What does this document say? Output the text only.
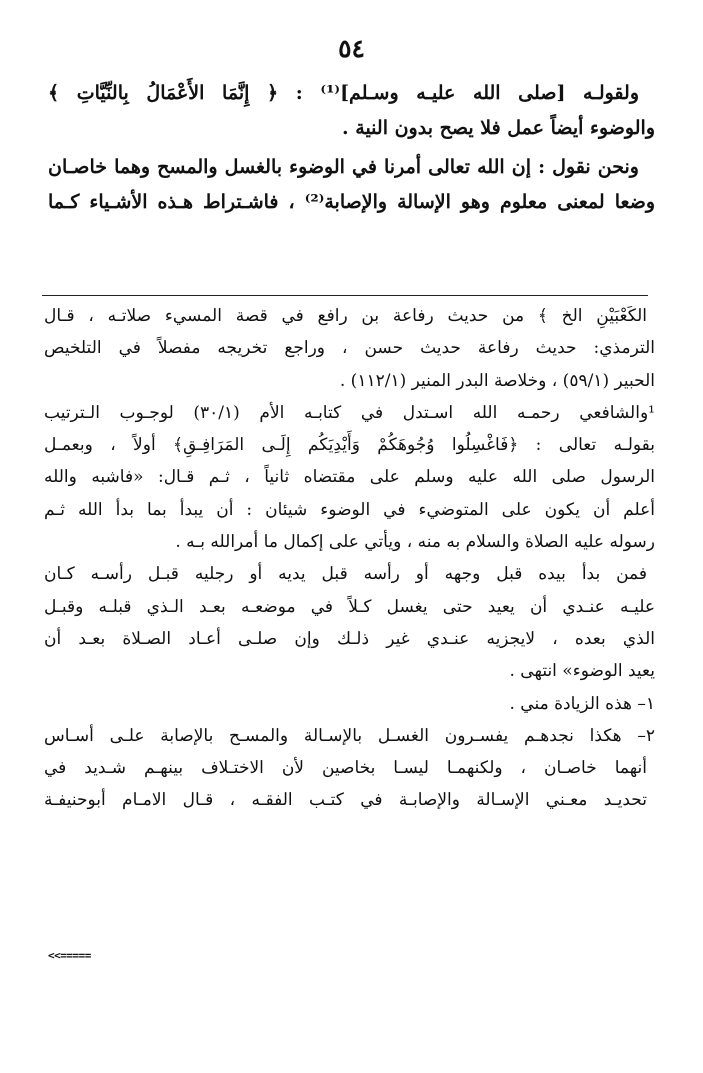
٥٤

ولقولـه [صلى الله عليـه وسـلم]⁽¹⁾ : ﴿ إِنَّمَا الأَعْمَالُ بِالنِّيَّاتِ ﴾

والوضوء أيضاً عمل فلا يصح بدون النية .

ونحن نقول : إن الله تعالى أمرنا في الوضوء بالغسل والمسح وهما خاصـان

وضعا لمعنى معلوم وهو الإسالة والإصابة⁽²⁾ ، فاشـتراط هـذه الأشـياء كـما

الكَعْبَيْنِ الخ ﴾ من حديث رفاعة بن رافع في قصة المسيء صلاتـه ، قـال

الترمذي: حديث رفاعة حديث حسن ، وراجع تخريجه مفصلاً في التلخيص

الحبير (٥٩/١) ، وخلاصة البدر المنير (١١٢/١) .

¹والشافعي رحمـه الله اسـتدل في كتابـه الأم (٣٠/١) لوجـوب الـترتيب

بقولـه تعالى : ﴿فَاغْسِلُوا وُجُوهَكُمْ وَأَيْدِيَكُم إِلَـى المَرَافِـقِ﴾ أولاً ، وبعمـل

الرسول صلى الله عليه وسلم على مقتضاه ثانياً ، ثـم قـال: «فاشبه والله

أعلم أن يكون على المتوضيء في الوضوء شيئان : أن يبدأ بما بدأ الله ثـم

رسوله عليه الصلاة والسلام به منه ، ويأتي على إكمال ما أمرالله بـه .

فمن بدأ بيده قبل وجهه أو رأسه قبل يديه أو رجليه قبـل رأسـه كـان

عليـه عنـدي أن يعيد حتى يغسل كـلاً في موضعـه بعـد الـذي قبلـه وقبـل

الذي بعده ، لايجزيه عنـدي غير ذلـك وإن صلـى أعـاد الصـلاة بعـد أن

يعيد الوضوء» انتهى .

١– هذه الزيادة مني .

٢– هكذا نجدهـم يفسـرون الغسـل بالإسـالة والمسـح بالإصابة علـى أسـاس

أنهما خاصـان ، ولكنهمـا ليسـا بخاصين لأن الاختـلاف بينهـم شـديد في

تحديـد معـني الإسـالة والإصابـة في كتـب الفقـه ، قـال الامـام أبوحنيفـة

<<=====
